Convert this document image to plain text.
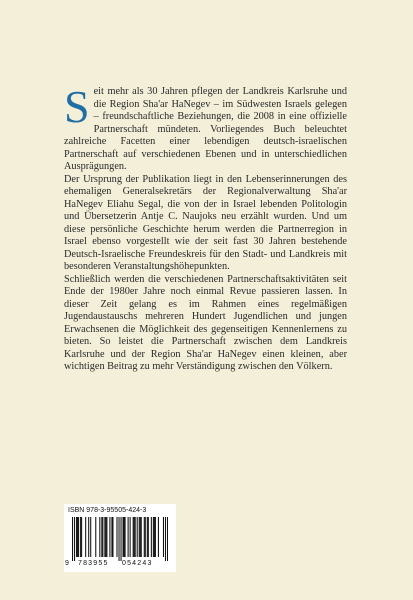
Seit mehr als 30 Jahren pflegen der Landkreis Karlsruhe und die Region Sha'ar HaNegev – im Südwesten Israels gelegen – freundschaftliche Beziehungen, die 2008 in eine offizielle Partnerschaft mündeten. Vorliegendes Buch beleuchtet zahlreiche Facetten einer lebendigen deutsch-israelischen Partnerschaft auf verschiedenen Ebenen und in unterschiedlichen Ausprägungen.

Der Ursprung der Publikation liegt in den Lebenserinnerungen des ehemaligen Generalsekretärs der Regionalverwaltung Sha'ar HaNegev Eliahu Segal, die von der in Israel lebenden Politologin und Übersetzerin Antje C. Naujoks neu erzählt wurden. Und um diese persönliche Geschichte herum werden die Partnerregion in Israel ebenso vorgestellt wie der seit fast 30 Jahren bestehende Deutsch-Israelische Freundeskreis für den Stadt- und Landkreis mit besonderen Veranstaltungshöhepunkten.

Schließlich werden die verschiedenen Partnerschaftsaktivitäten seit Ende der 1980er Jahre noch einmal Revue passieren lassen. In dieser Zeit gelang es im Rahmen eines regelmäßigen Jugendaustauschs mehreren Hundert Jugendlichen und jungen Erwachsenen die Möglichkeit des gegenseitigen Kennenlernens zu bieten. So leistet die Partnerschaft zwischen dem Landkreis Karlsruhe und der Region Sha'ar HaNegev einen kleinen, aber wichtigen Beitrag zu mehr Verständigung zwischen den Völkern.

ISBN 978-3-95505-424-3
9 783955 054243
